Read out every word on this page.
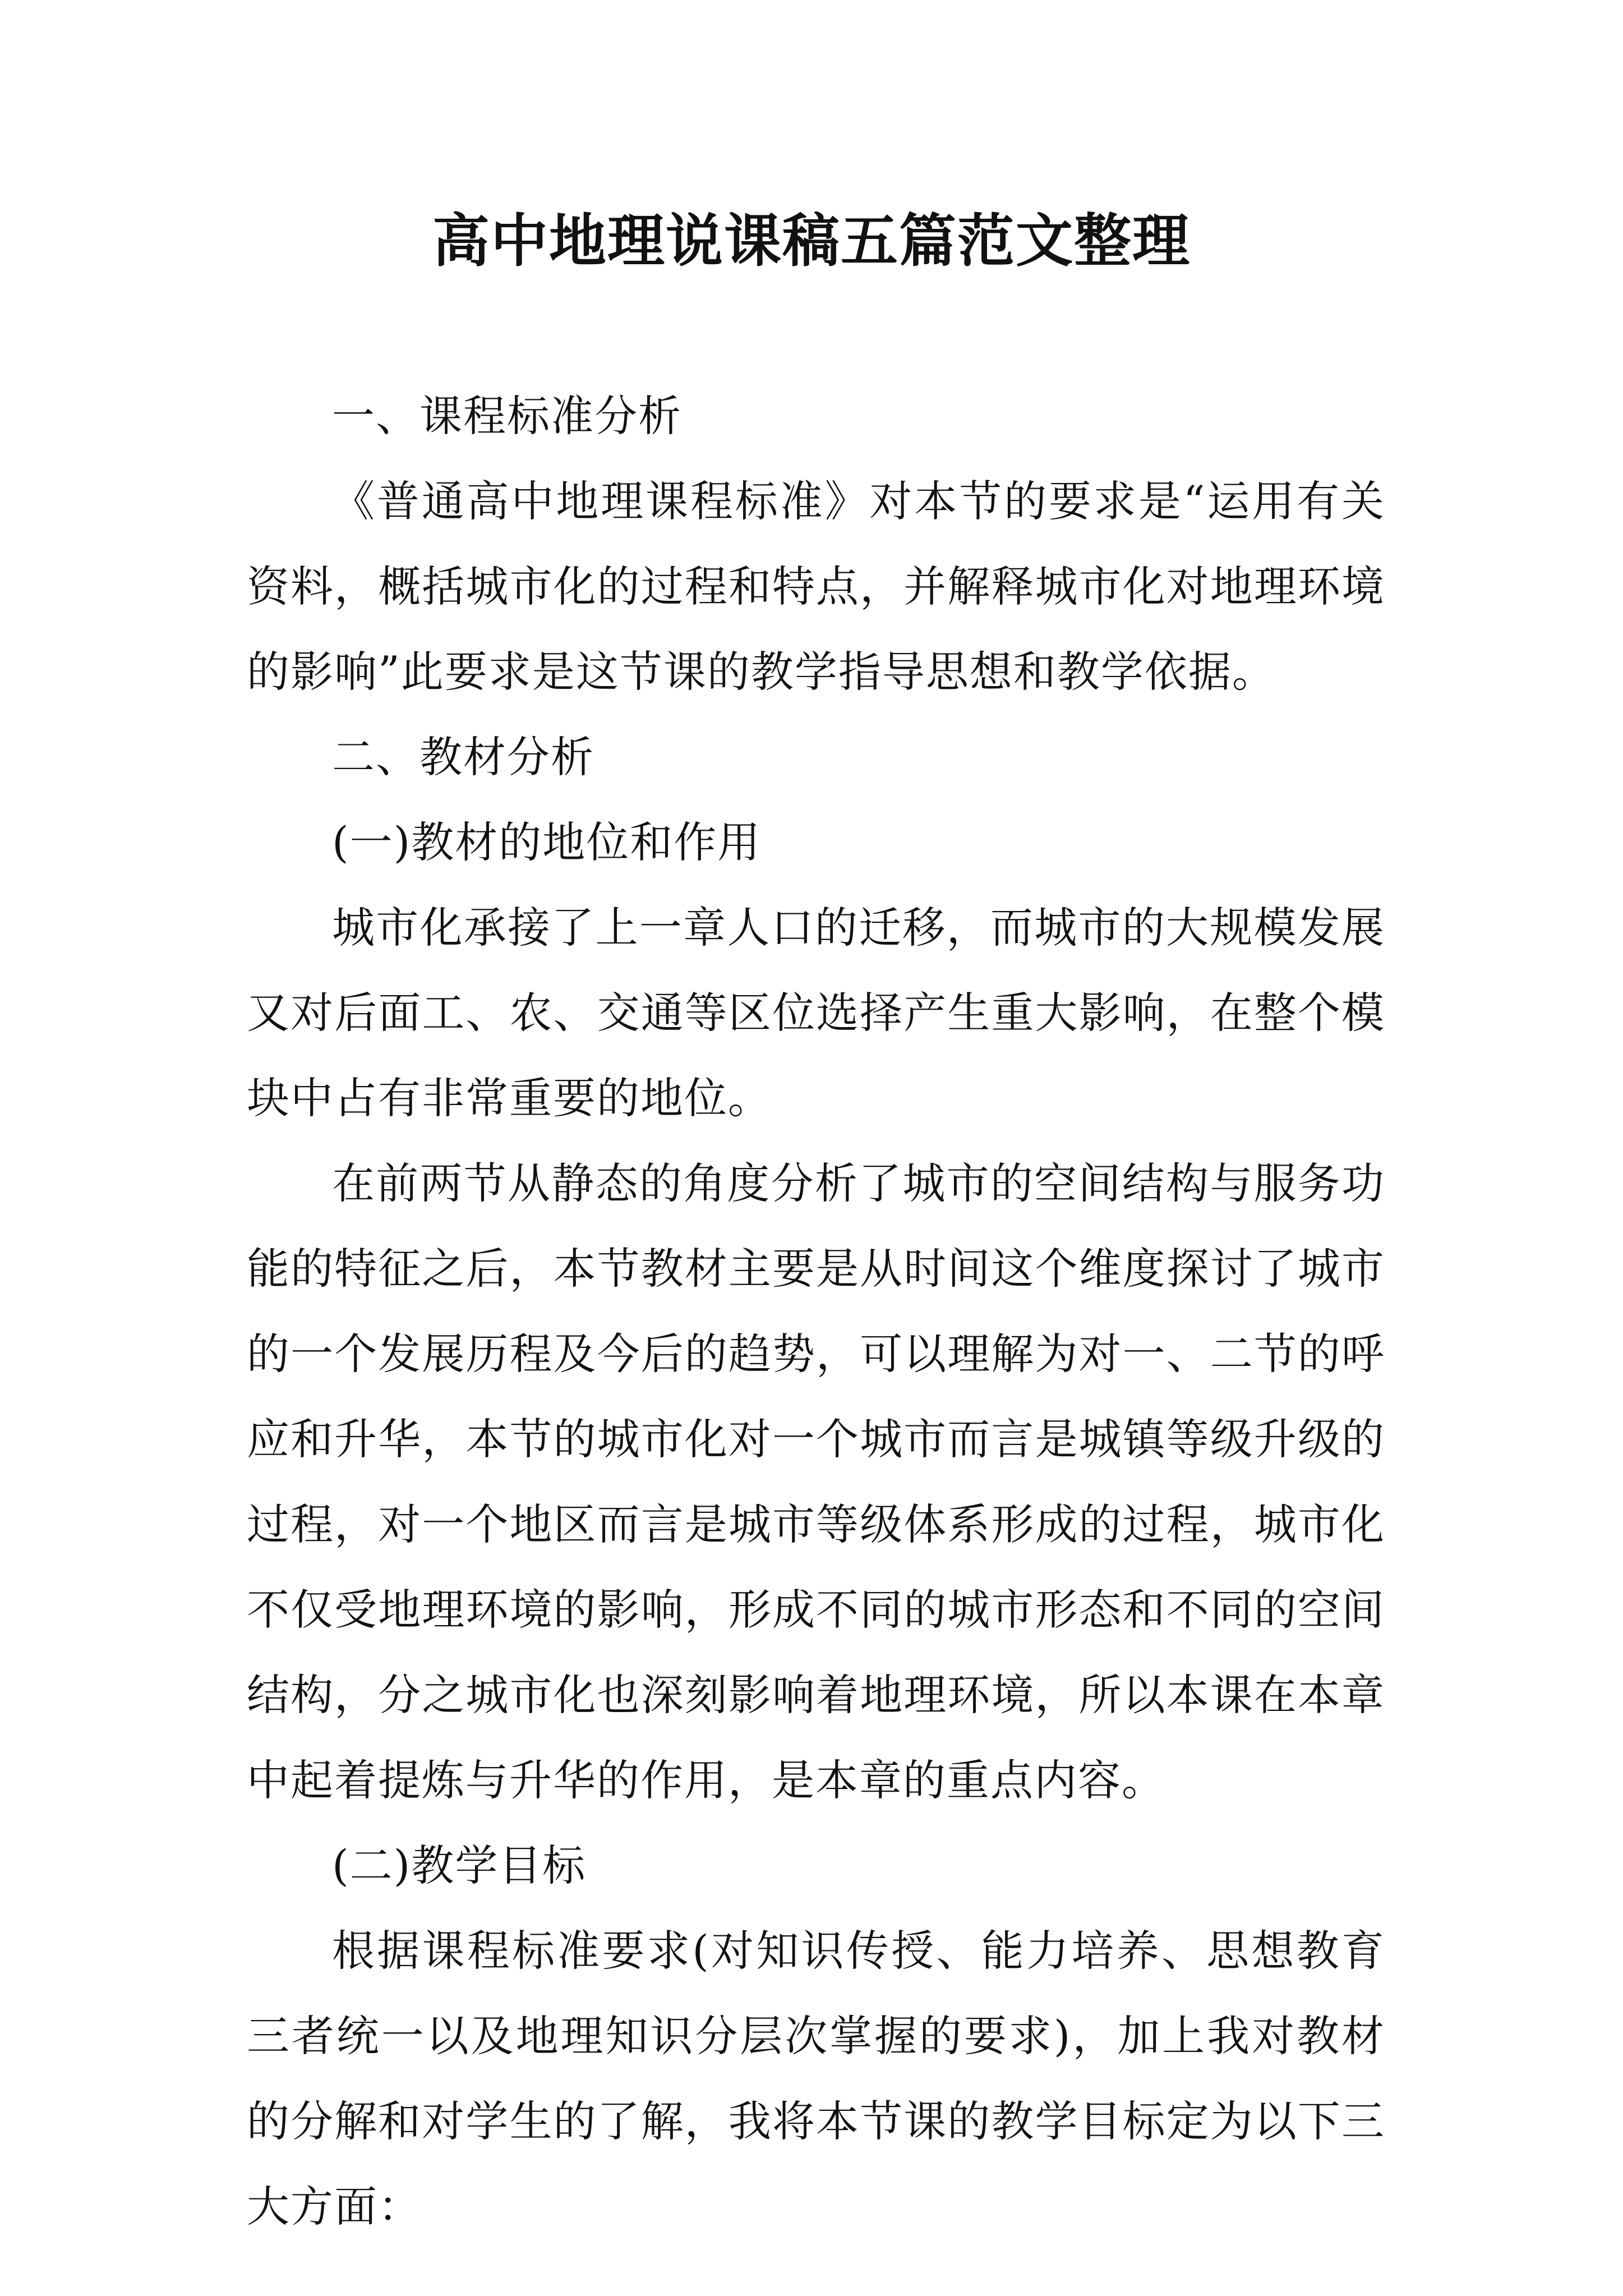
高中地理说课稿五篇范文整理

一、课程标准分析

《普通高中地理课程标准》对本节的要求是“运用有关资料，概括城市化的过程和特点，并解释城市化对地理环境的影响”此要求是这节课的教学指导思想和教学依据。

二、教材分析

(一)教材的地位和作用

城市化承接了上一章人口的迁移，而城市的大规模发展又对后面工、农、交通等区位选择产生重大影响，在整个模块中占有非常重要的地位。

在前两节从静态的角度分析了城市的空间结构与服务功能的特征之后，本节教材主要是从时间这个维度探讨了城市的一个发展历程及今后的趋势，可以理解为对一、二节的呼应和升华，本节的城市化对一个城市而言是城镇等级升级的过程，对一个地区而言是城市等级体系形成的过程，城市化不仅受地理环境的影响，形成不同的城市形态和不同的空间结构，分之城市化也深刻影响着地理环境，所以本课在本章中起着提炼与升华的作用，是本章的重点内容。

(二)教学目标

根据课程标准要求(对知识传授、能力培养、思想教育三者统一以及地理知识分层次掌握的要求)，加上我对教材的分解和对学生的了解，我将本节课的教学目标定为以下三大方面：
